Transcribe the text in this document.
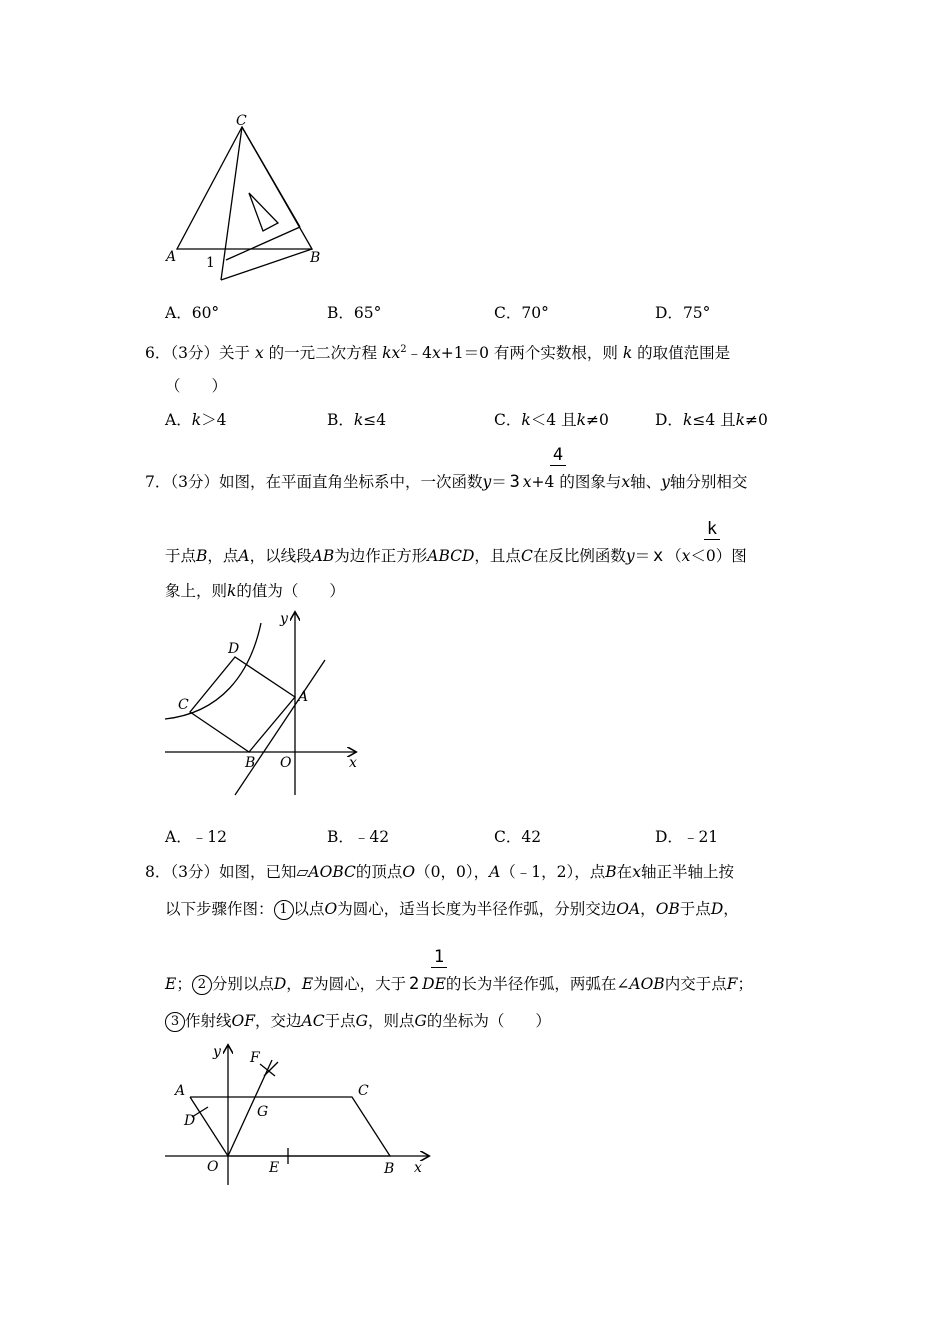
C
A	B
1
A．60°	B．65°	C．70°	D．75°
6．（3分）关于 x 的一元二次方程 $kx^2﹣4x+1=0$ 有两个实数根，则 k 的取值范围是
（　　）
A．k＞4	B．k≤4	C．k＜4 且k≠0	D．k≤4 且k≠0
4
7．（3分）如图，在平面直角坐标系中，一次函数y＝ 3 x+4 的图象与x轴、y轴分别相交
k
于点B，点A，以线段AB为边作正方形ABCD，且点C在反比例函数y＝ x （x＜0）图
象上，则k的值为（　　）
y
D
C	A
B O	x
A．﹣12	B．﹣42	C．42	D．﹣21
8．（3分）如图，已知▱AOBC的顶点O（0，0），A（﹣1，2），点B在x轴正半轴上按
以下步骤作图： 1 以点O为圆心，适当长度为半径作弧，分别交边OA，OB于点D，
1
E； 2 分别以点D，E为圆心，大于 2 DE的长为半径作弧，两弧在∠AOB内交于点F；
3 作射线OF，交边AC于点G，则点G的坐标为（　　）
y F
A	C
G
D
O	E	B x
